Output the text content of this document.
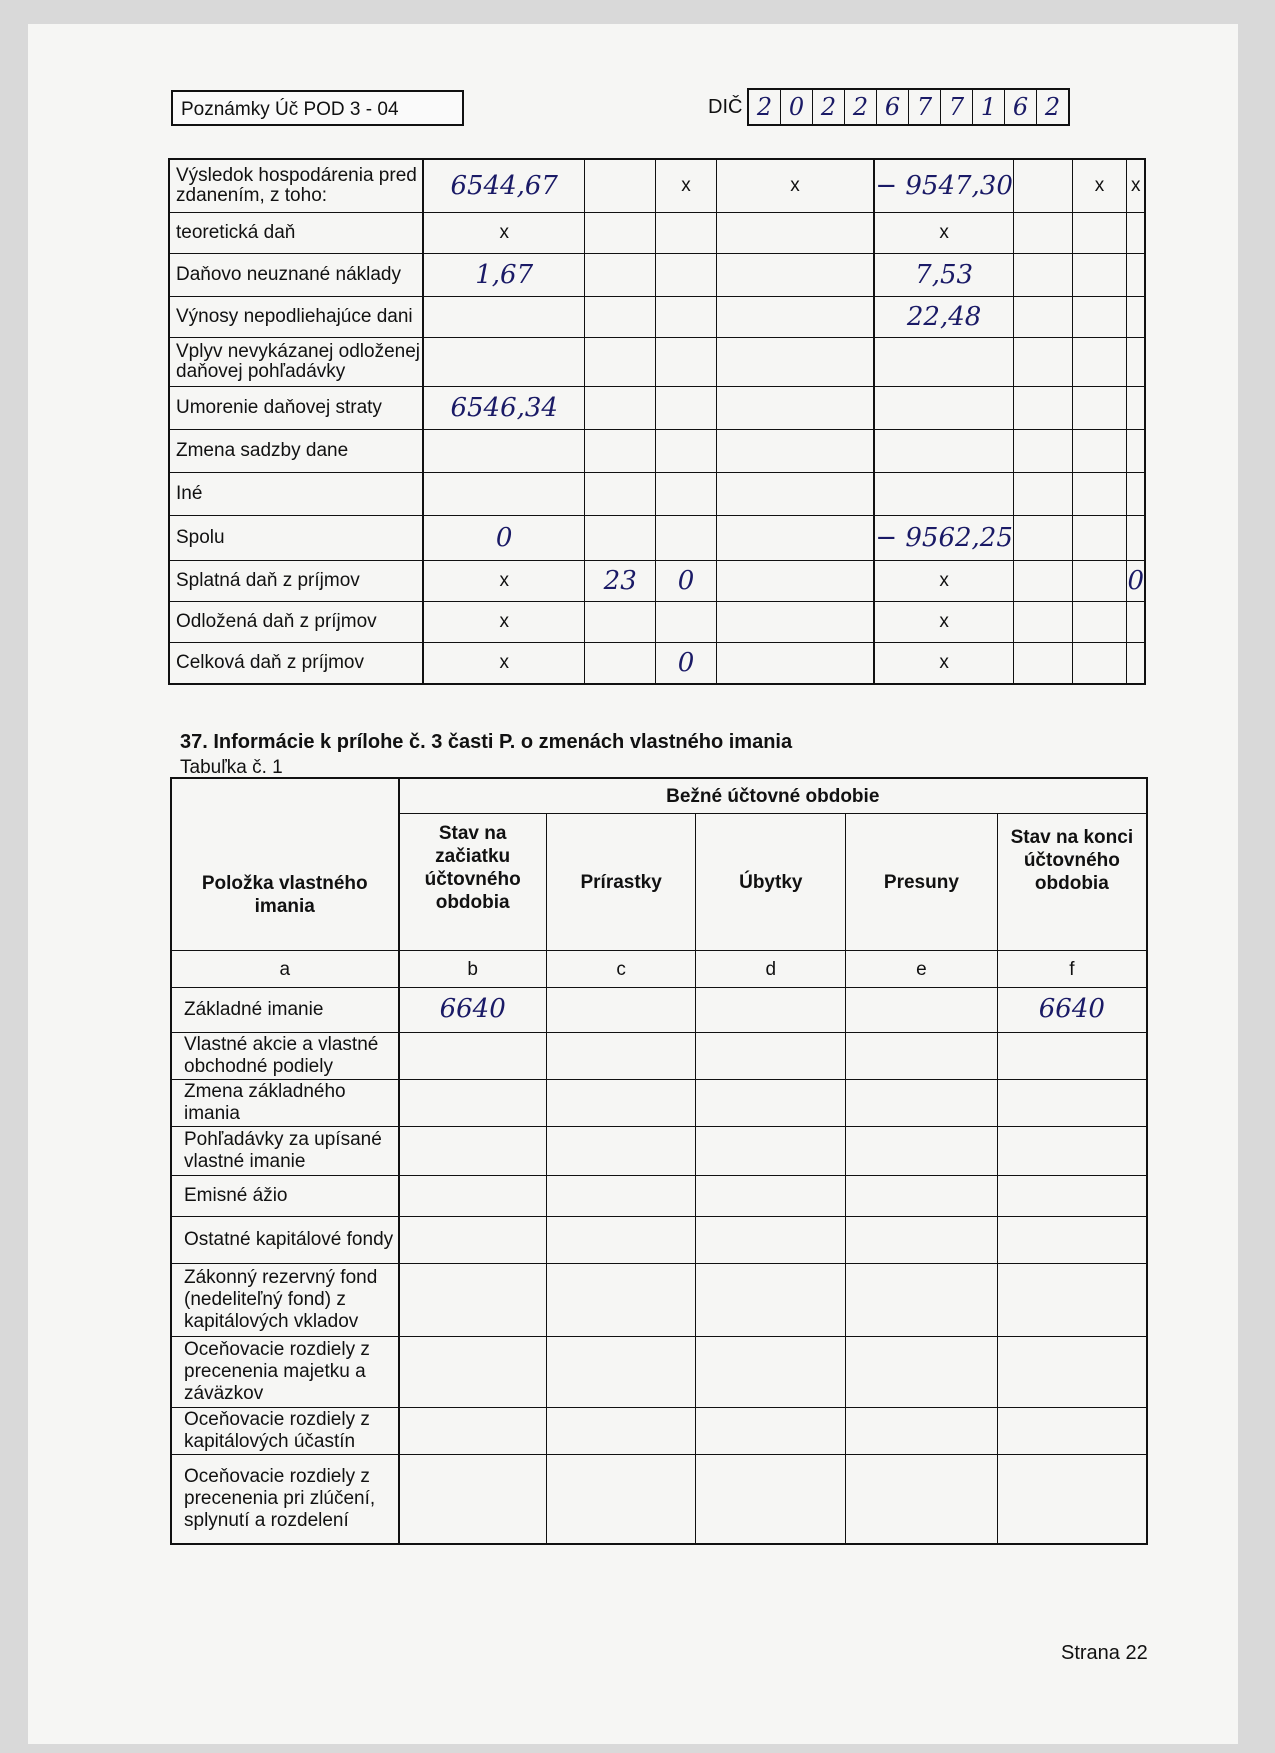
Poznámky Úč POD 3 - 04	DIČ 2 0 2 2 6 7 7 1 6 2
Výsledok hospodárenia pred zdanením, z toho:	6544,67		x	x	− 9547,30		x	x
teoretická daň	x				x			
Daňovo neuznané náklady	1,67				7,53			
Výnosy nepodliehajúce dani					22,48			
Vplyv nevykázanej odloženej daňovej pohľadávky								
Umorenie daňovej straty	6546,34							
Zmena sadzby dane								
Iné								
Spolu	0				− 9562,25			
Splatná daň z príjmov	x	23	0		x			0
Odložená daň z príjmov	x				x			
Celková daň z príjmov	x		0		x			
37. Informácie k prílohe č. 3 časti P. o zmenách vlastného imania
Tabuľka č. 1
Položka vlastného imania	Bežné účtovné obdobie				
	Stav na začiatku účtovného obdobia	Prírastky	Úbytky	Presuny	Stav na konci účtovného obdobia
a	b	c	d	e	f
Základné imanie	6640				6640
Vlastné akcie a vlastné obchodné podiely					
Zmena základného imania					
Pohľadávky za upísané vlastné imanie					
Emisné ážio					
Ostatné kapitálové fondy					
Zákonný rezervný fond (nedeliteľný fond) z kapitálových vkladov					
Oceňovacie rozdiely z precenenia majetku a záväzkov					
Oceňovacie rozdiely z kapitálových účastín					
Oceňovacie rozdiely z precenenia pri zlúčení, splynutí a rozdelení					
Strana 22
